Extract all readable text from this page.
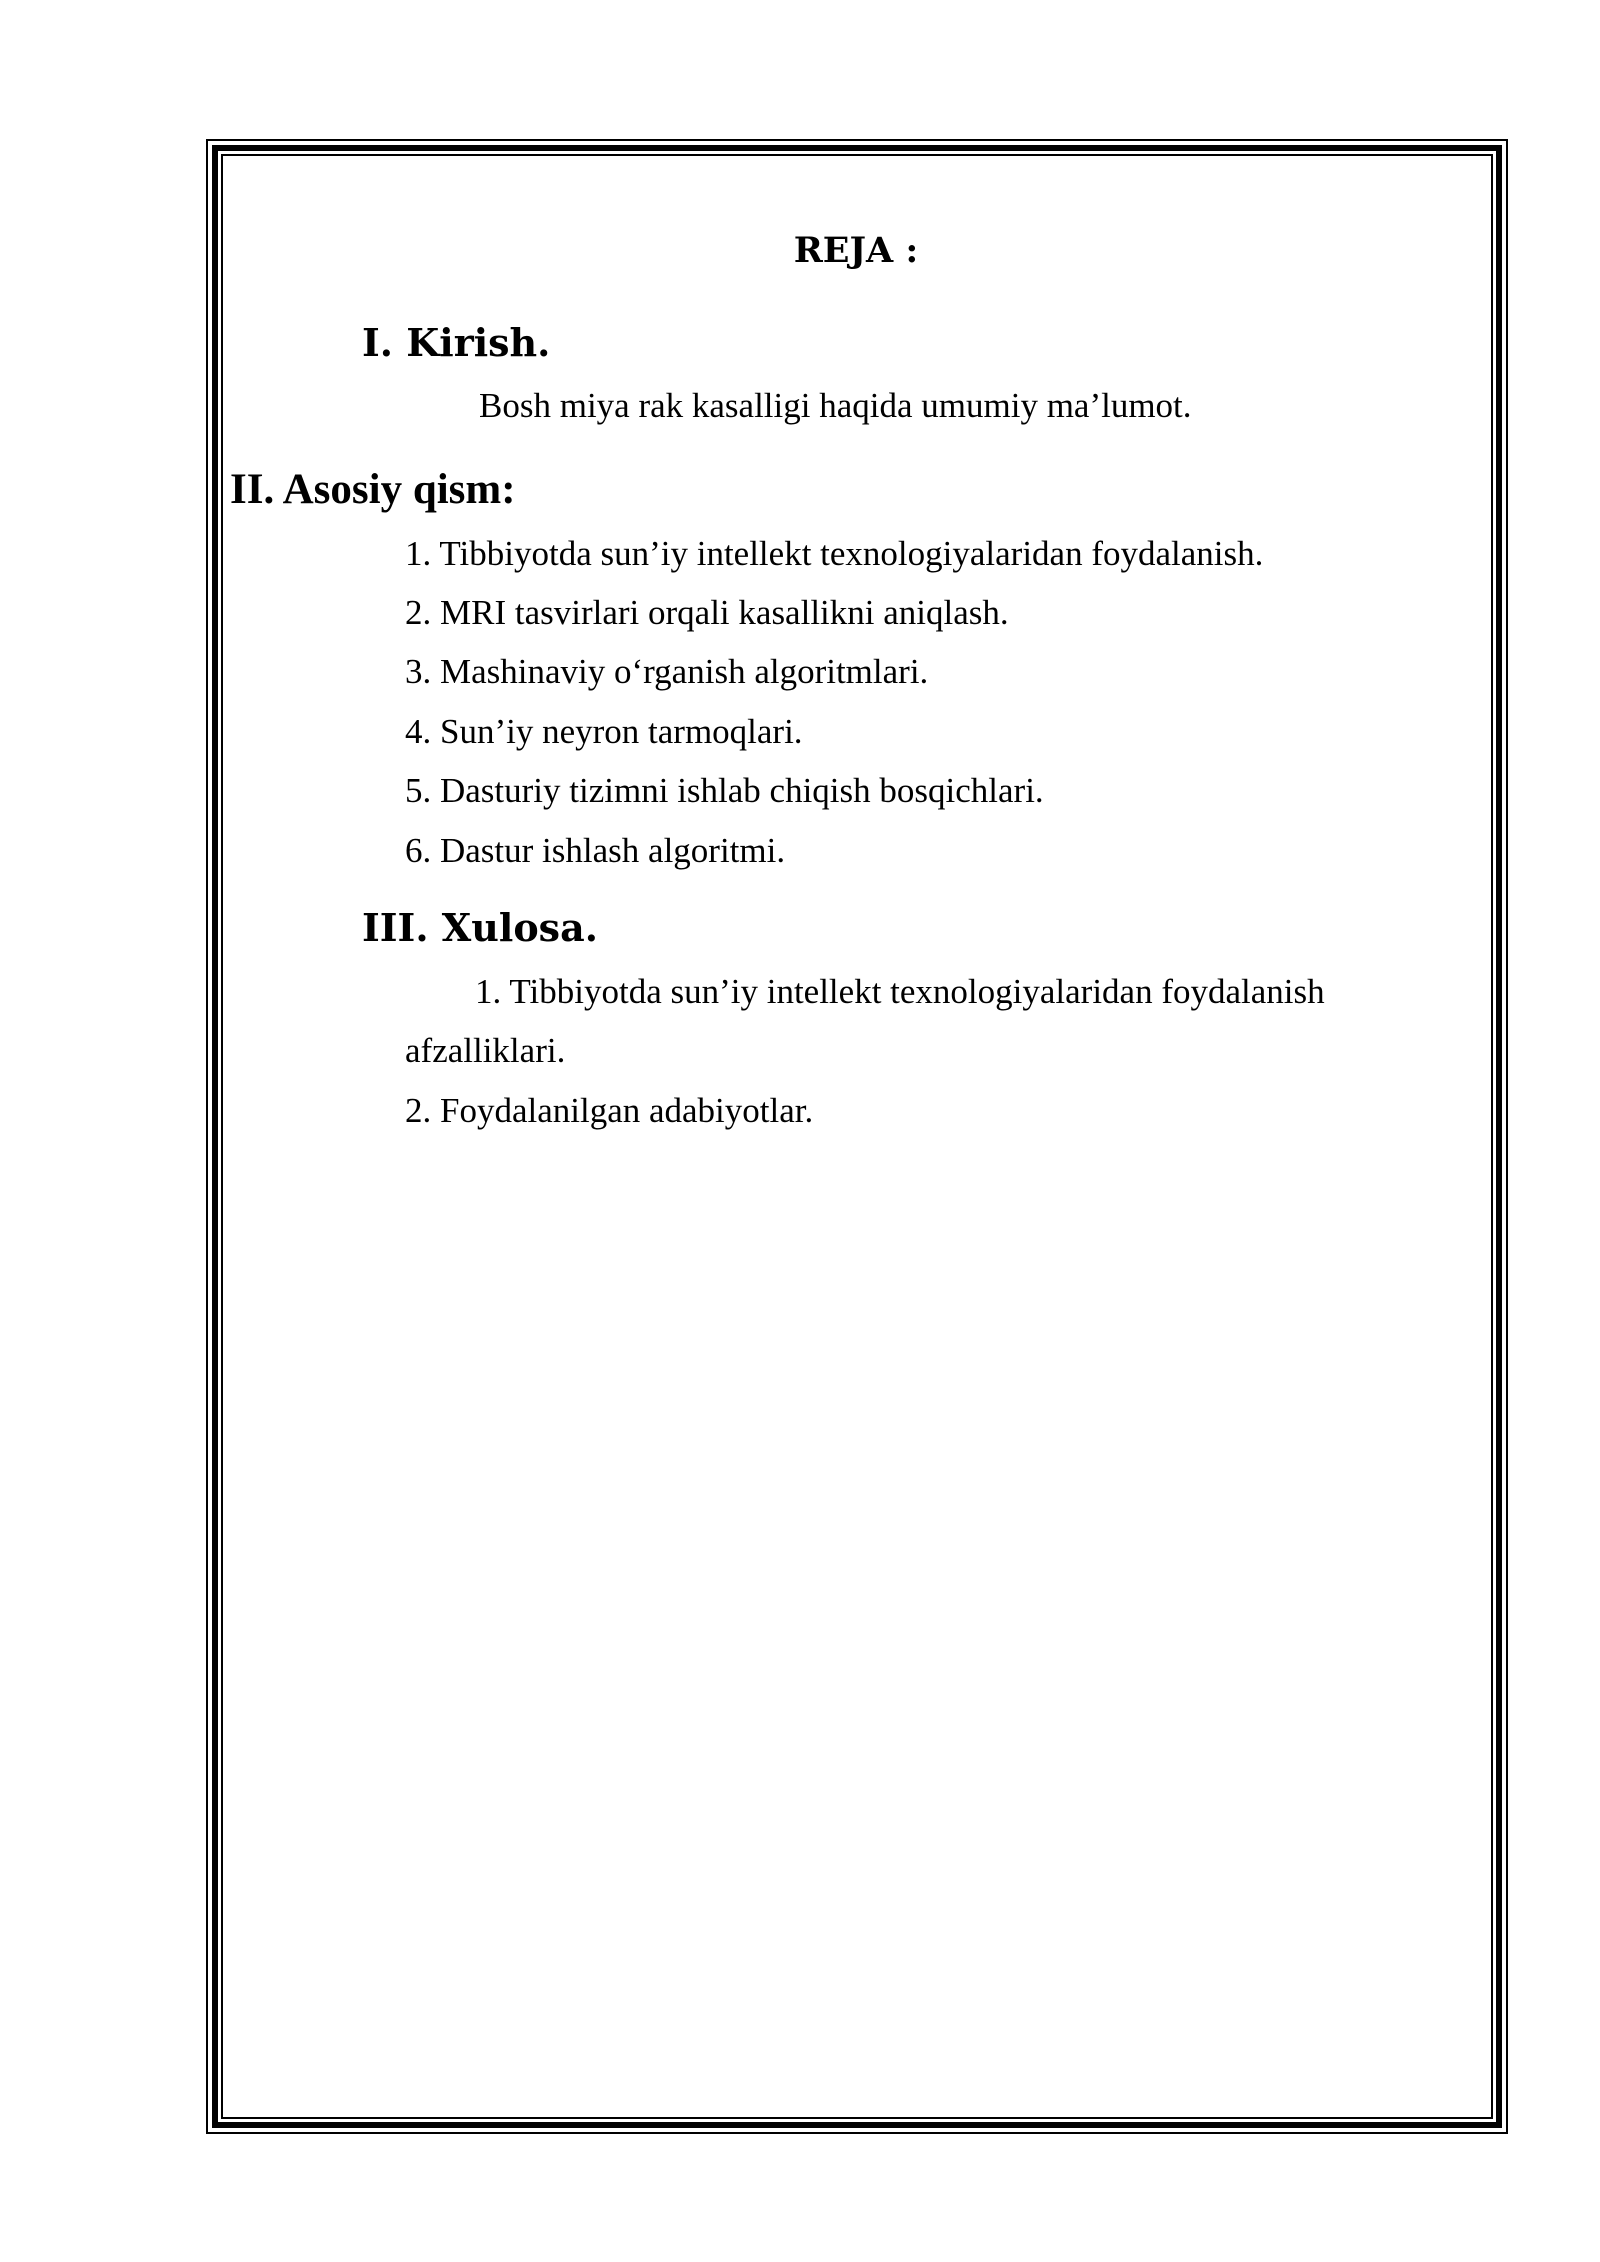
REJA :
I. Kirish.
Bosh miya rak kasalligi haqida umumiy ma’lumot.
II. Asosiy qism:
1. Tibbiyotda sun’iy intellekt texnologiyalaridan foydalanish.
2. MRI tasvirlari orqali kasallikni aniqlash.
3. Mashinaviy o‘rganish algoritmlari.
4. Sun’iy neyron tarmoqlari.
5. Dasturiy tizimni ishlab chiqish bosqichlari.
6. Dastur ishlash algoritmi.
III. Xulosa.
1. Tibbiyotda sun’iy intellekt texnologiyalaridan foydalanish
afzalliklari.
2. Foydalanilgan adabiyotlar.
